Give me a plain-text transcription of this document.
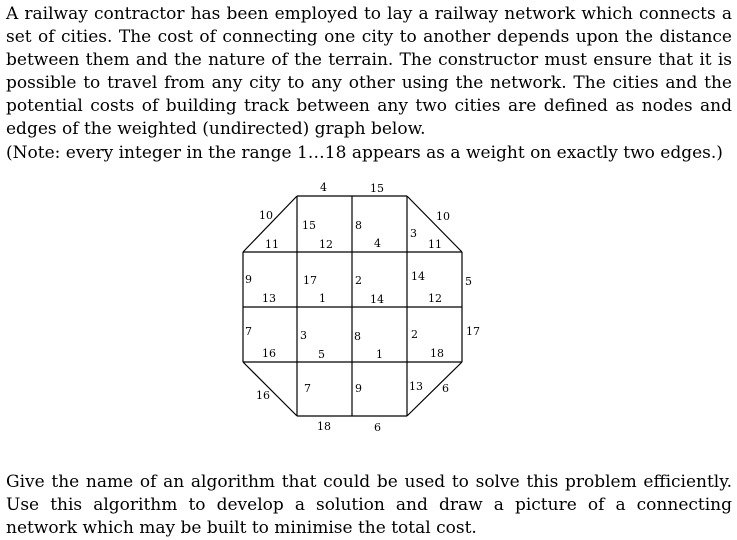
A railway contractor has been employed to lay a railway network which connects a set of cities. The cost of connecting one city to another depends upon the distance between them and the nature of the terrain. The constructor must ensure that it is possible to travel from any city to any other using the network. The cities and the potential costs of building track between any two cities are defined as nodes and edges of the weighted (undirected) graph below.

(Note: every integer in the range 1…18 appears as a weight on exactly two edges.)

4	15
10
15	8
3
10
11	12	4	11
9	17	2	14	5
13	1	14	12
7	3	8	2	17
16	5	1	18
16
7	9	13 6
18	6

Give the name of an algorithm that could be used to solve this problem efficiently. Use this algorithm to develop a solution and draw a picture of a connecting network which may be built to minimise the total cost.
